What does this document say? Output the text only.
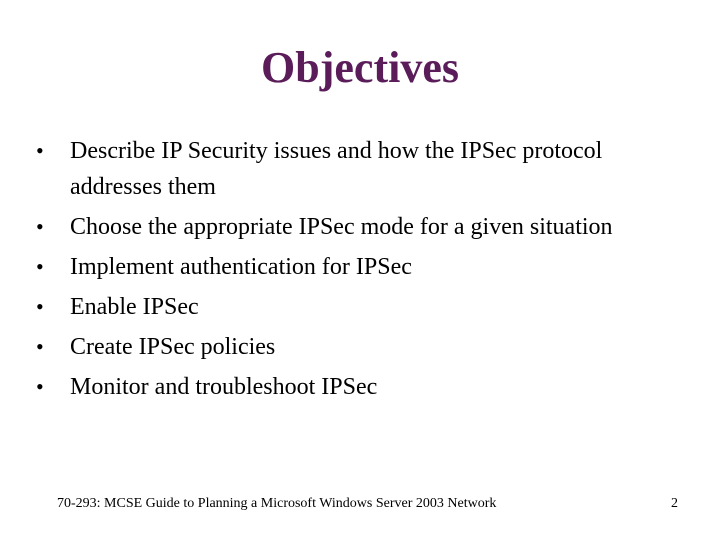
Objectives
•	Describe IP Security issues and how the IPSec protocol addresses them
•	Choose the appropriate IPSec mode for a given situation
•	Implement authentication for IPSec
•	Enable IPSec
•	Create IPSec policies
•	Monitor and troubleshoot IPSec
70-293: MCSE Guide to Planning a Microsoft Windows Server 2003 Network	2
